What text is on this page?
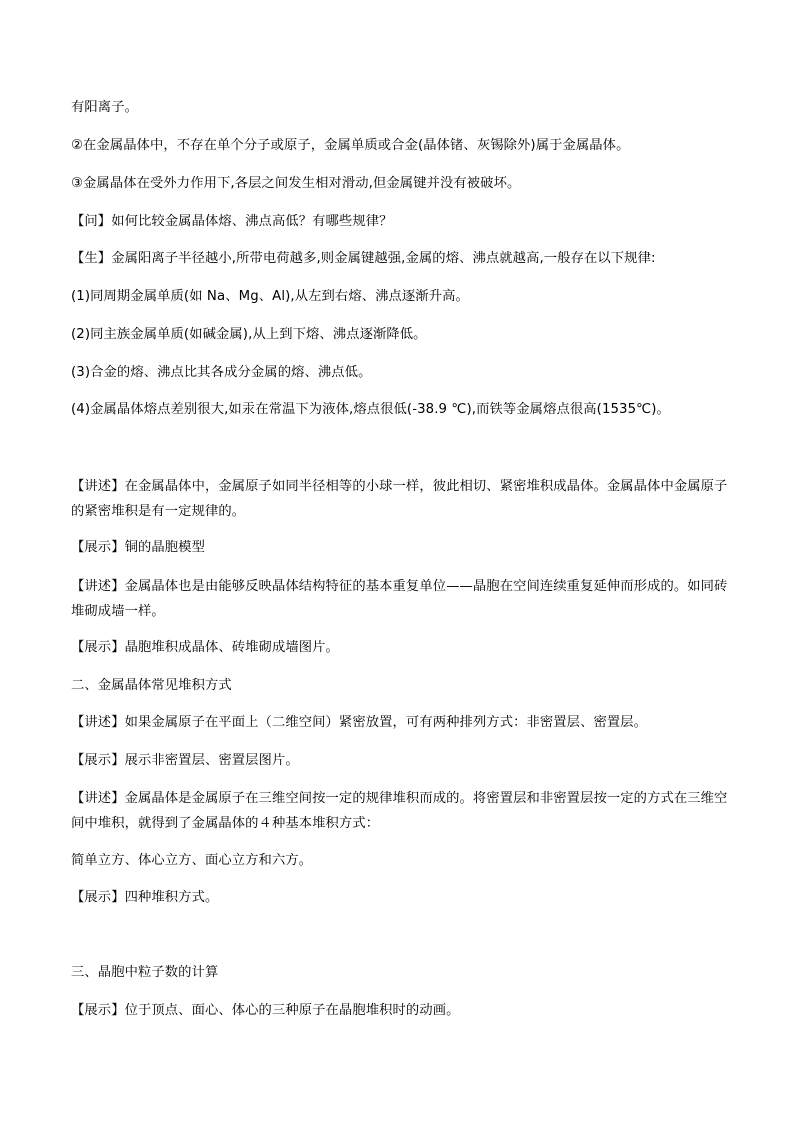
有阳离子。
②在金属晶体中，不存在单个分子或原子，金属单质或合金(晶体锗、灰锡除外)属于金属晶体。
③金属晶体在受外力作用下,各层之间发生相对滑动,但金属键并没有被破坏。
【问】如何比较金属晶体熔、沸点高低？有哪些规律？
【生】金属阳离子半径越小,所带电荷越多,则金属键越强,金属的熔、沸点就越高,一般存在以下规律:
(1)同周期金属单质(如 Na、Mg、Al),从左到右熔、沸点逐渐升高。
(2)同主族金属单质(如碱金属),从上到下熔、沸点逐渐降低。
(3)合金的熔、沸点比其各成分金属的熔、沸点低。
(4)金属晶体熔点差别很大,如汞在常温下为液体,熔点很低(-38.9 ℃),而铁等金属熔点很高(1535℃)。
【讲述】在金属晶体中，金属原子如同半径相等的小球一样，彼此相切、紧密堆积成晶体。金属晶体中金属原子的紧密堆积是有一定规律的。
【展示】铜的晶胞模型
【讲述】金属晶体也是由能够反映晶体结构特征的基本重复单位——晶胞在空间连续重复延伸而形成的。如同砖堆砌成墙一样。
【展示】晶胞堆积成晶体、砖堆砌成墙图片。
二、金属晶体常见堆积方式
【讲述】如果金属原子在平面上（二维空间）紧密放置，可有两种排列方式：非密置层、密置层。
【展示】展示非密置层、密置层图片。
【讲述】金属晶体是金属原子在三维空间按一定的规律堆积而成的。将密置层和非密置层按一定的方式在三维空间中堆积，就得到了金属晶体的４种基本堆积方式：
简单立方、体心立方、面心立方和六方。
【展示】四种堆积方式。
三、晶胞中粒子数的计算
【展示】位于顶点、面心、体心的三种原子在晶胞堆积时的动画。
